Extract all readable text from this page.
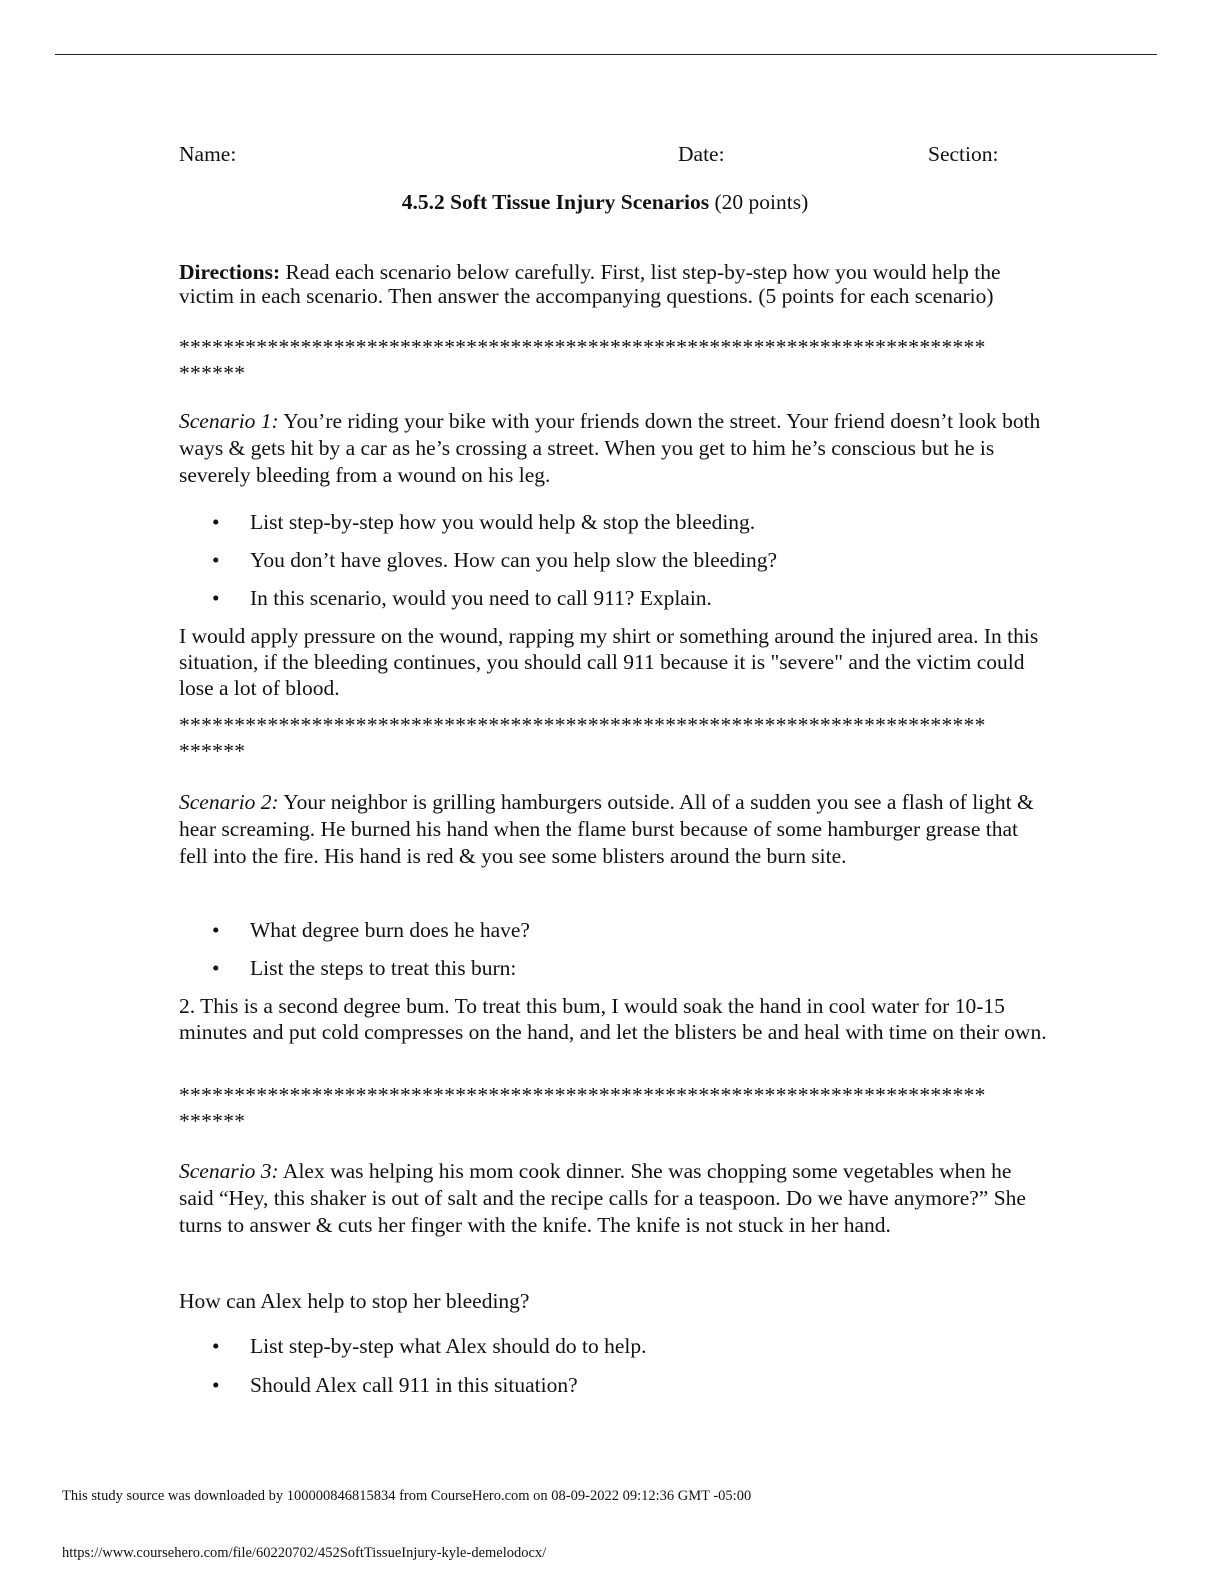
Name:	Date:	Section:
4.5.2 Soft Tissue Injury Scenarios (20 points)
Directions: Read each scenario below carefully. First, list step-by-step how you would help the victim in each scenario. Then answer the accompanying questions. (5 points for each scenario)
*************************************************************************
******
Scenario 1: You’re riding your bike with your friends down the street. Your friend doesn’t look both ways & gets hit by a car as he’s crossing a street. When you get to him he’s conscious but he is severely bleeding from a wound on his leg.
• List step-by-step how you would help & stop the bleeding.
• You don’t have gloves. How can you help slow the bleeding?
• In this scenario, would you need to call 911? Explain.
I would apply pressure on the wound, rapping my shirt or something around the injured area. In this situation, if the bleeding continues, you should call 911 because it is "severe" and the victim could lose a lot of blood.
*************************************************************************
******
Scenario 2: Your neighbor is grilling hamburgers outside. All of a sudden you see a flash of light & hear screaming. He burned his hand when the flame burst because of some hamburger grease that fell into the fire. His hand is red & you see some blisters around the burn site.
• What degree burn does he have?
• List the steps to treat this burn:
2. This is a second degree bum. To treat this bum, I would soak the hand in cool water for 10-15 minutes and put cold compresses on the hand, and let the blisters be and heal with time on their own.
*************************************************************************
******
Scenario 3: Alex was helping his mom cook dinner. She was chopping some vegetables when he said “Hey, this shaker is out of salt and the recipe calls for a teaspoon. Do we have anymore?” She turns to answer & cuts her finger with the knife. The knife is not stuck in her hand.
How can Alex help to stop her bleeding?
• List step-by-step what Alex should do to help.
• Should Alex call 911 in this situation?
This study source was downloaded by 100000846815834 from CourseHero.com on 08-09-2022 09:12:36 GMT -05:00
https://www.coursehero.com/file/60220702/452SoftTissueInjury-kyle-demelodocx/
